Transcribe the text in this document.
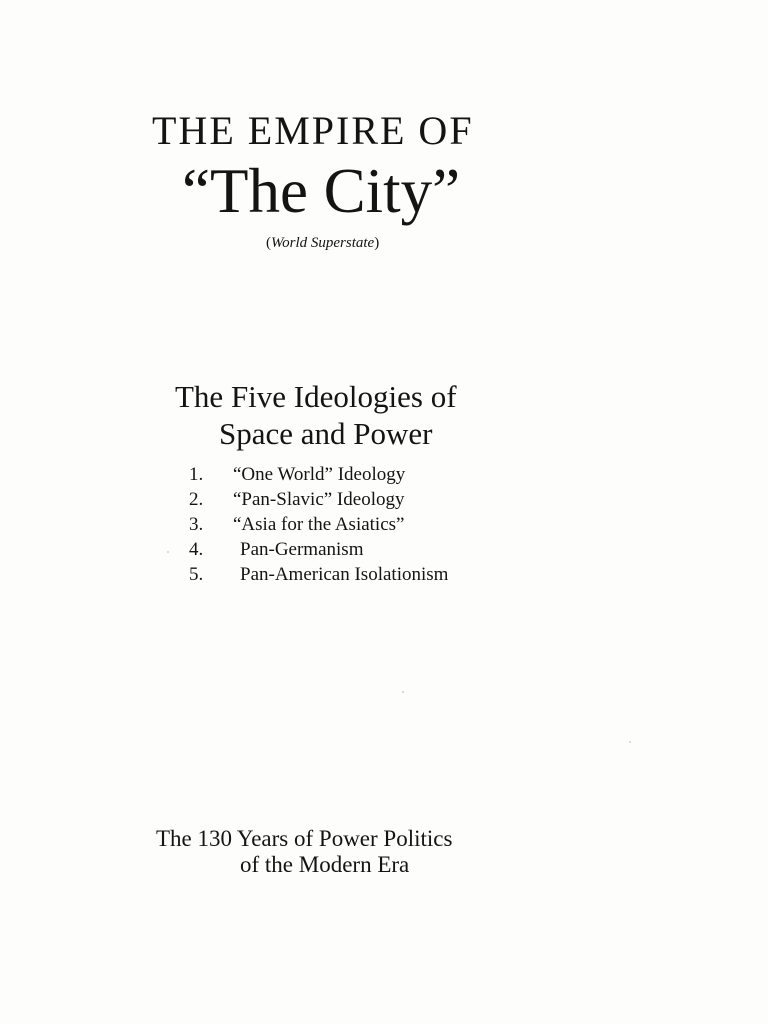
THE EMPIRE OF
“The City”
(World Superstate)
The Five Ideologies of
Space and Power
1.	“One World” Ideology
2.	“Pan-Slavic” Ideology
3.	“Asia for the Asiatics”
4.	Pan-Germanism
5.	Pan-American Isolationism
The 130 Years of Power Politics
of the Modern Era
